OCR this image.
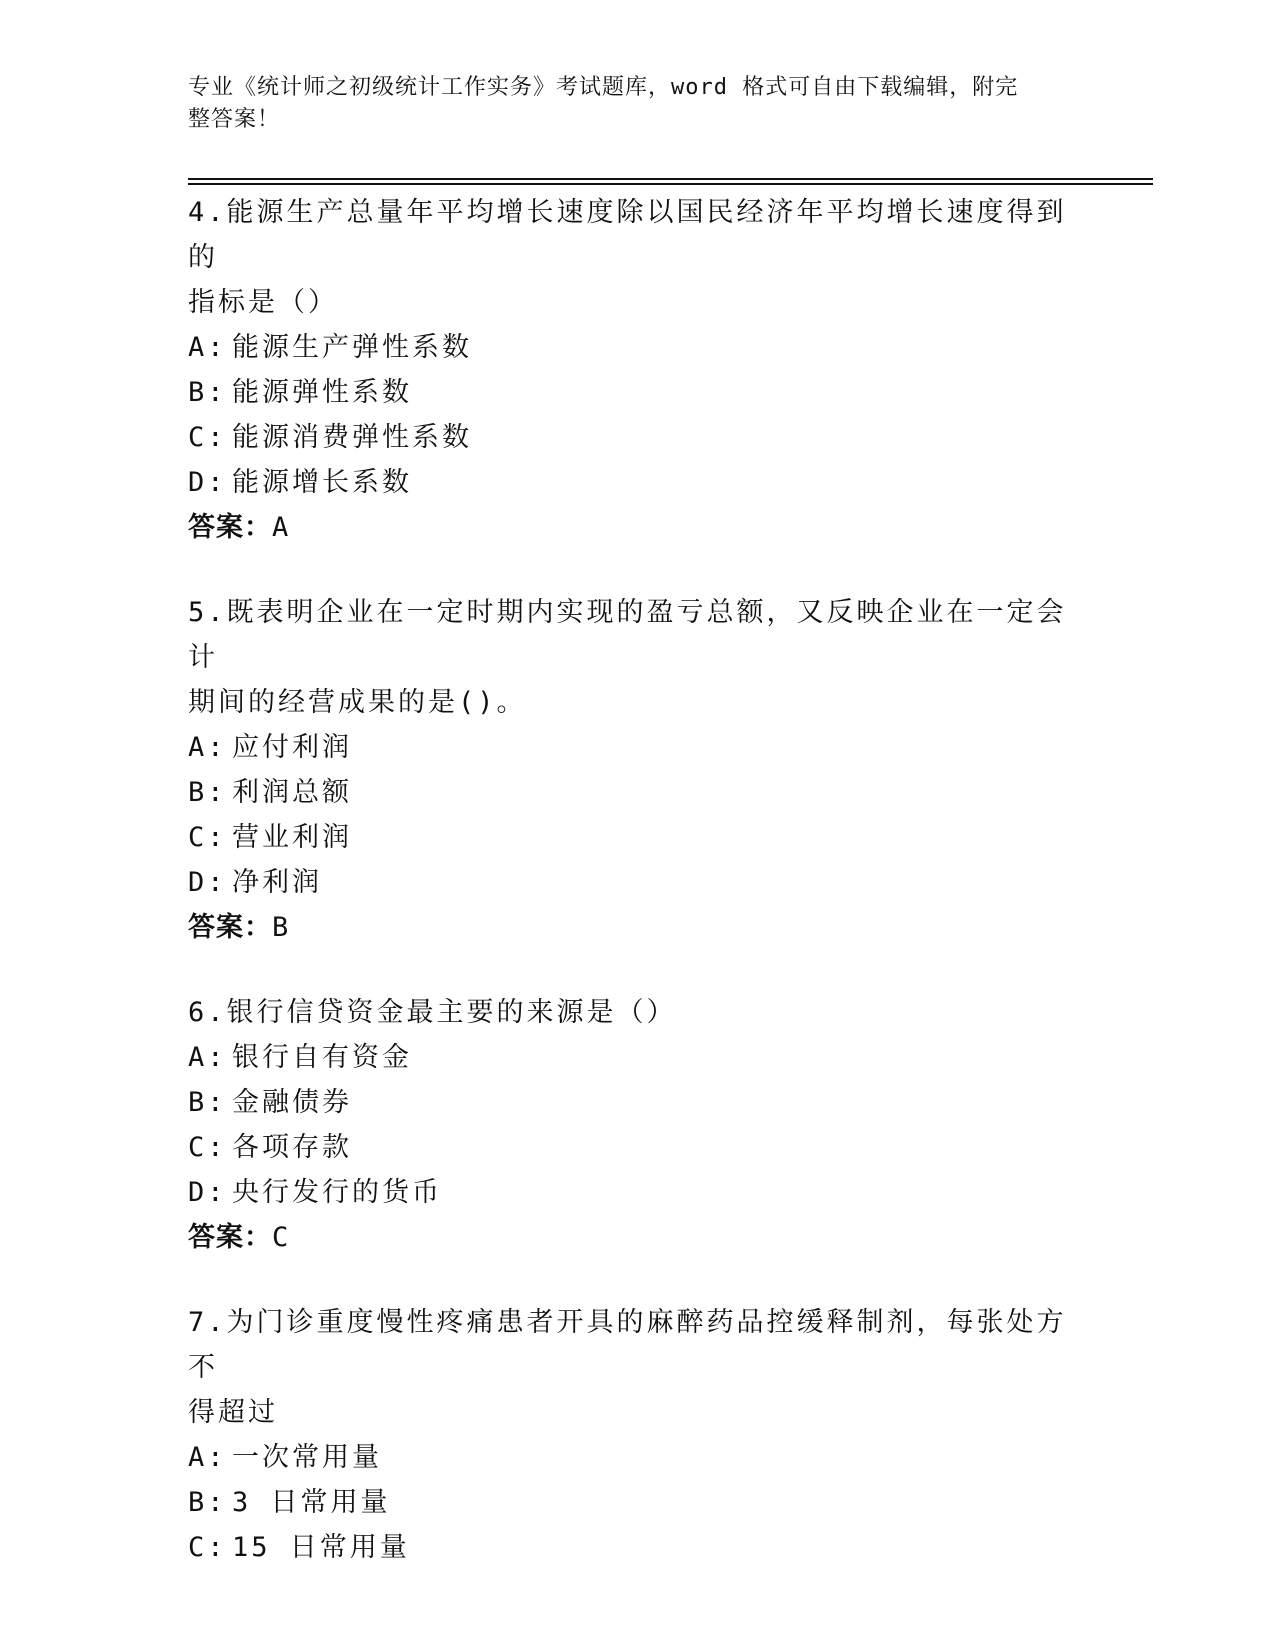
专业《统计师之初级统计工作实务》考试题库，word 格式可自由下载编辑，附完
整答案！
4.能源生产总量年平均增长速度除以国民经济年平均增长速度得到的
指标是（）
A: 能源生产弹性系数
B: 能源弹性系数
C: 能源消费弹性系数
D: 能源增长系数
答案：A
5.既表明企业在一定时期内实现的盈亏总额，又反映企业在一定会计
期间的经营成果的是()。
A: 应付利润
B: 利润总额
C: 营业利润
D: 净利润
答案：B
6.银行信贷资金最主要的来源是（）
A: 银行自有资金
B: 金融债券
C: 各项存款
D: 央行发行的货币
答案：C
7.为门诊重度慢性疼痛患者开具的麻醉药品控缓释制剂，每张处方不
得超过
A: 一次常用量
B: 3 日常用量
C: 15 日常用量
